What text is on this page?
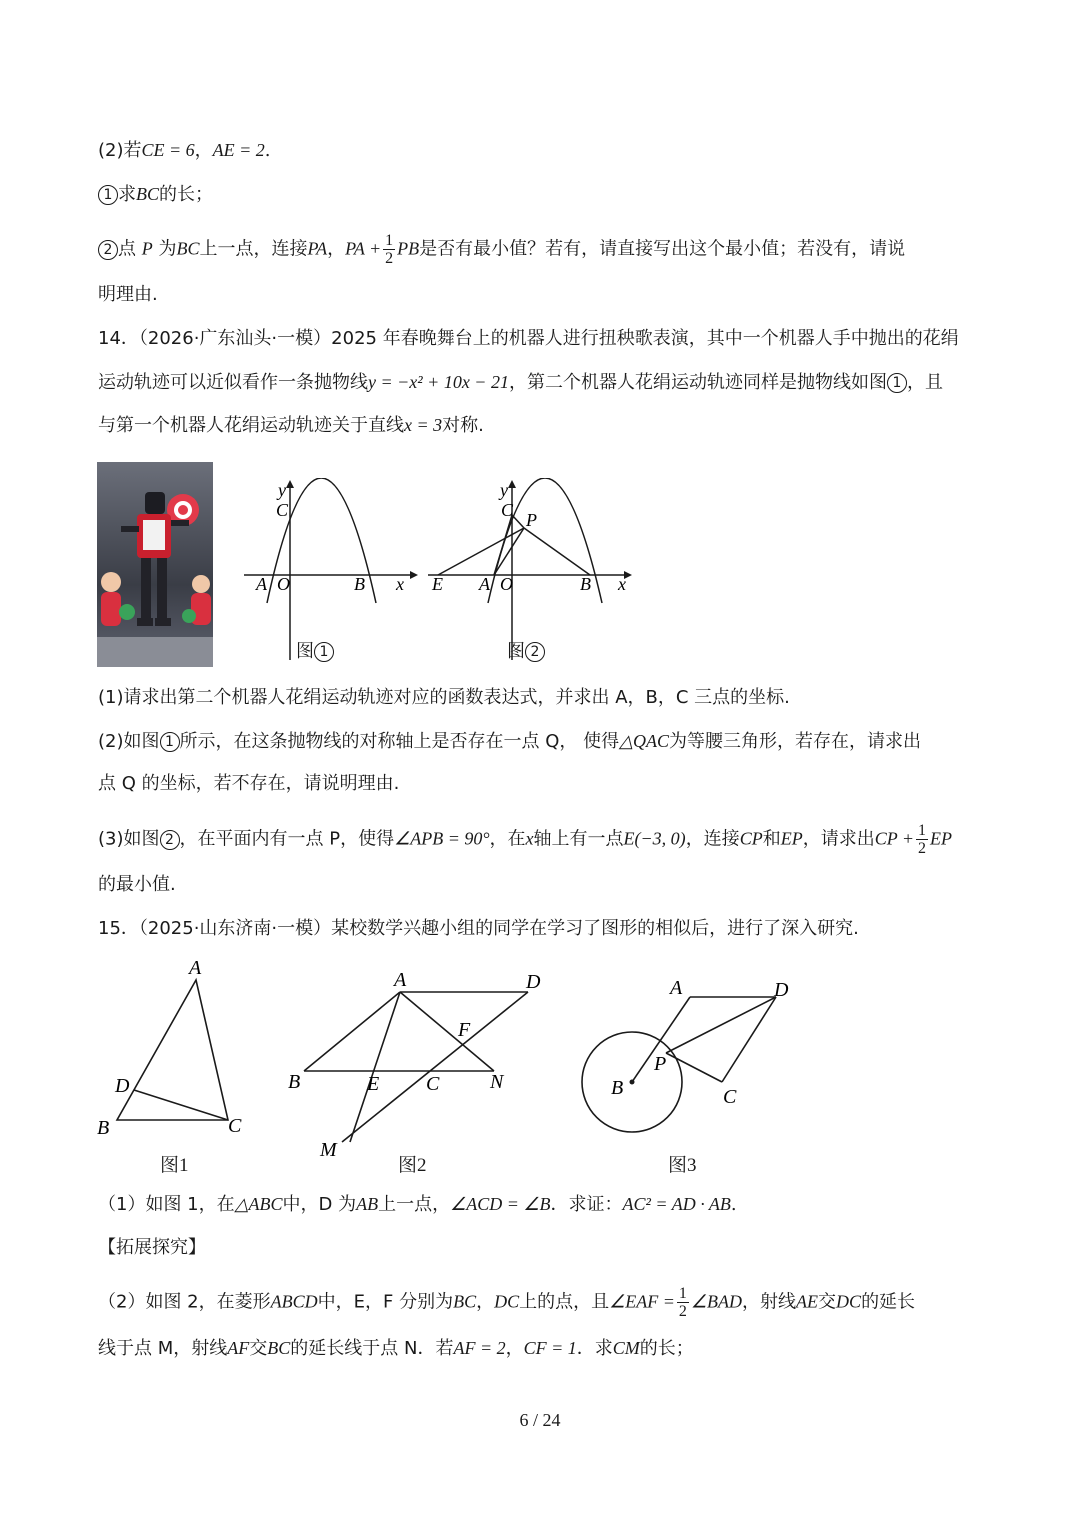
(2)若CE = 6，AE = 2.
1 求BC的长；
2 点 P 为BC上一点，连接PA，PA + $\frac{1}{2}$ PB是否有最小值？若有，请直接写出这个最小值；若没有，请说
明理由.
14．（2026·广东汕头·一模）2025 年春晚舞台上的机器人进行扭秧歌表演，其中一个机器人手中抛出的花绢
运动轨迹可以近似看作一条抛物线y = −x² + 10x − 21，第二个机器人花绢运动轨迹同样是抛物线如图 1 ，且
与第一个机器人花绢运动轨迹关于直线x = 3对称.
y
x
C
A O	B
图 1
y
x
C P
E A O	B
图 2
(1)请求出第二个机器人花绢运动轨迹对应的函数表达式，并求出 A，B，C 三点的坐标.
(2)如图 1 所示，在这条抛物线的对称轴上是否存在一点 Q， 使得△QAC为等腰三角形，若存在，请求出
点 Q 的坐标，若不存在，请说明理由.
(3)如图 2 ，在平面内有一点 P，使得∠APB = 90°，在x轴上有一点E(−3, 0)，连接CP和EP，请求出CP + $\frac{1}{2}$ EP
的最小值.
15．（2025·山东济南·一模）某校数学兴趣小组的同学在学习了图形的相似后，进行了深入研究.
A
D
B	C
图1
A	D
F
B	E C	N
M
图2
A	D
P
B	C
图3
（1）如图 1，在△ABC中，D 为AB上一点，∠ACD = ∠B．求证：AC² = AD · AB.
【拓展探究】
（2）如图 2，在菱形ABCD中，E，F 分别为BC，DC上的点，且∠EAF = $\frac{1}{2}$ ∠BAD，射线AE交DC的延长
线于点 M，射线AF交BC的延长线于点 N．若AF = 2，CF = 1．求CM的长；
6 / 24
